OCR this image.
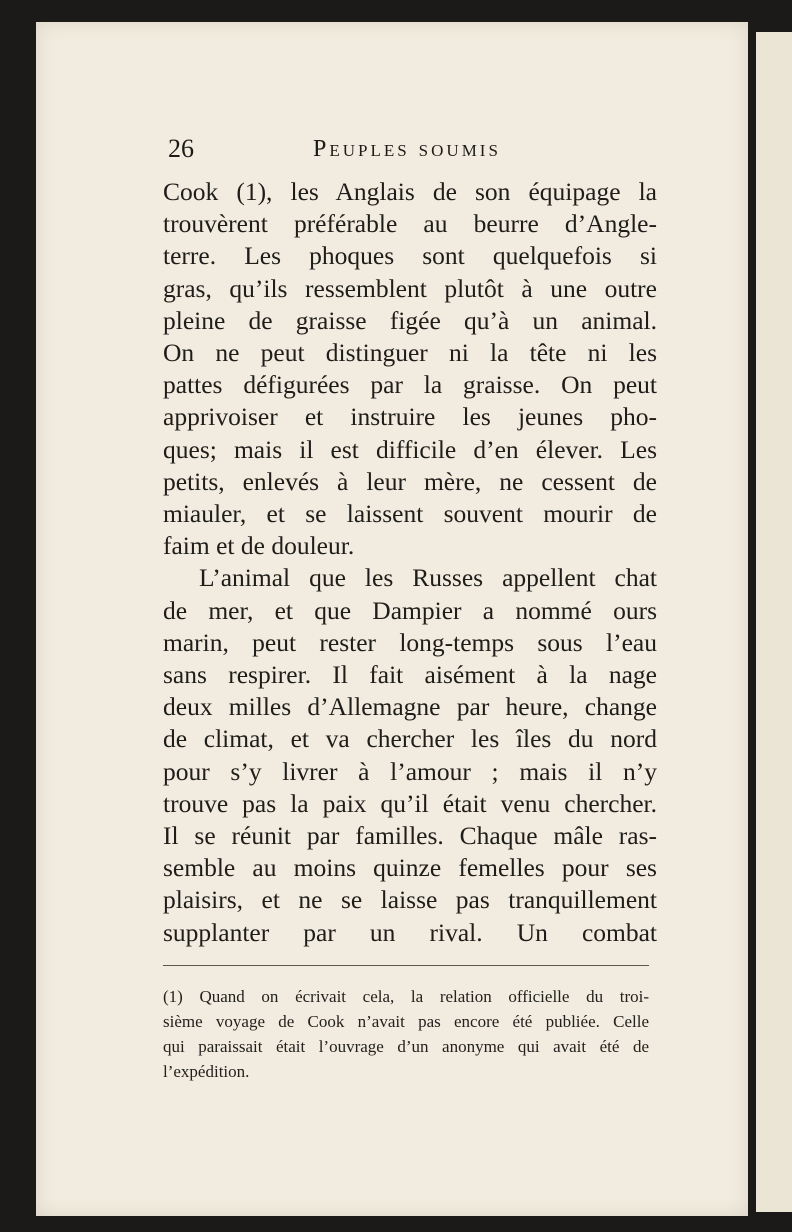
26	Peuples soumis
Cook (1), les Anglais de son équipage la
trouvèrent préférable au beurre d’Angle-
terre. Les phoques sont quelquefois si
gras, qu’ils ressemblent plutôt à une outre
pleine de graisse figée qu’à un animal.
On ne peut distinguer ni la tête ni les
pattes défigurées par la graisse. On peut
apprivoiser et instruire les jeunes pho-
ques; mais il est difficile d’en élever. Les
petits, enlevés à leur mère, ne cessent de
miauler, et se laissent souvent mourir de
faim et de douleur.
L’animal que les Russes appellent chat
de mer, et que Dampier a nommé ours
marin, peut rester long-temps sous l’eau
sans respirer. Il fait aisément à la nage
deux milles d’Allemagne par heure, change
de climat, et va chercher les îles du nord
pour s’y livrer à l’amour ; mais il n’y
trouve pas la paix qu’il était venu chercher.
Il se réunit par familles. Chaque mâle ras-
semble au moins quinze femelles pour ses
plaisirs, et ne se laisse pas tranquillement
supplanter par un rival. Un combat
(1) Quand on écrivait cela, la relation officielle du troi-
sième voyage de Cook n’avait pas encore été publiée. Celle
qui paraissait était l’ouvrage d’un anonyme qui avait été de
l’expédition.
